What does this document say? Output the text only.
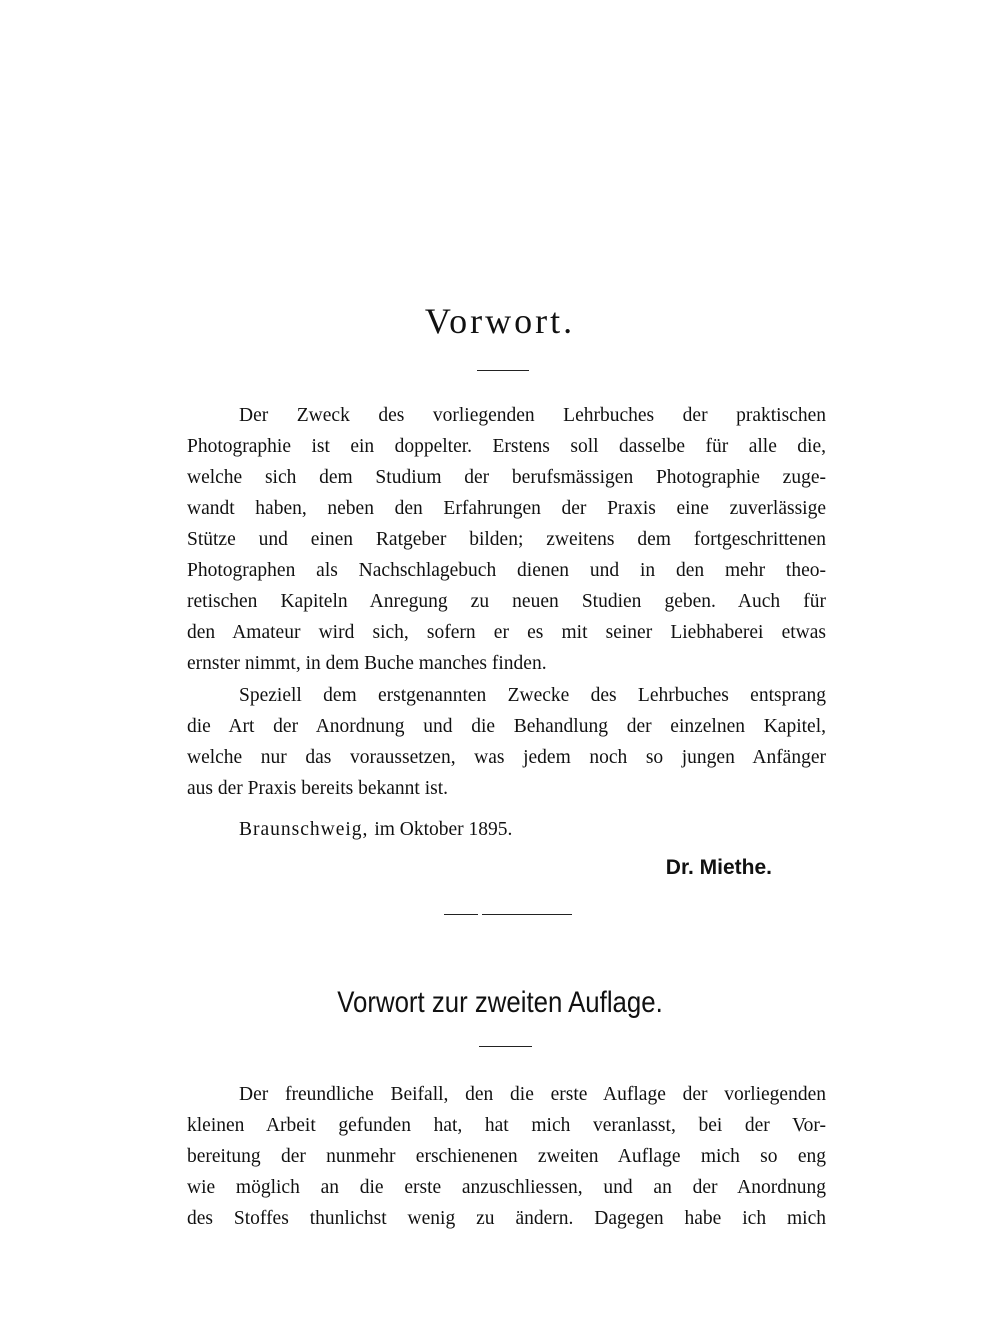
Vorwort.
Der Zweck des vorliegenden Lehrbuches der praktischen
Photographie ist ein doppelter. Erstens soll dasselbe für alle die,
welche sich dem Studium der berufsmässigen Photographie zuge-
wandt haben, neben den Erfahrungen der Praxis eine zuverlässige
Stütze und einen Ratgeber bilden; zweitens dem fortgeschrittenen
Photographen als Nachschlagebuch dienen und in den mehr theo-
retischen Kapiteln Anregung zu neuen Studien geben. Auch für
den Amateur wird sich, sofern er es mit seiner Liebhaberei etwas
ernster nimmt, in dem Buche manches finden.
Speziell dem erstgenannten Zwecke des Lehrbuches entsprang
die Art der Anordnung und die Behandlung der einzelnen Kapitel,
welche nur das voraussetzen, was jedem noch so jungen Anfänger
aus der Praxis bereits bekannt ist.
Braunschweig, im Oktober 1895.
Dr. Miethe.
Vorwort zur zweiten Auflage.
Der freundliche Beifall, den die erste Auflage der vorliegenden
kleinen Arbeit gefunden hat, hat mich veranlasst, bei der Vor-
bereitung der nunmehr erschienenen zweiten Auflage mich so eng
wie möglich an die erste anzuschliessen, und an der Anordnung
des Stoffes thunlichst wenig zu ändern. Dagegen habe ich mich
